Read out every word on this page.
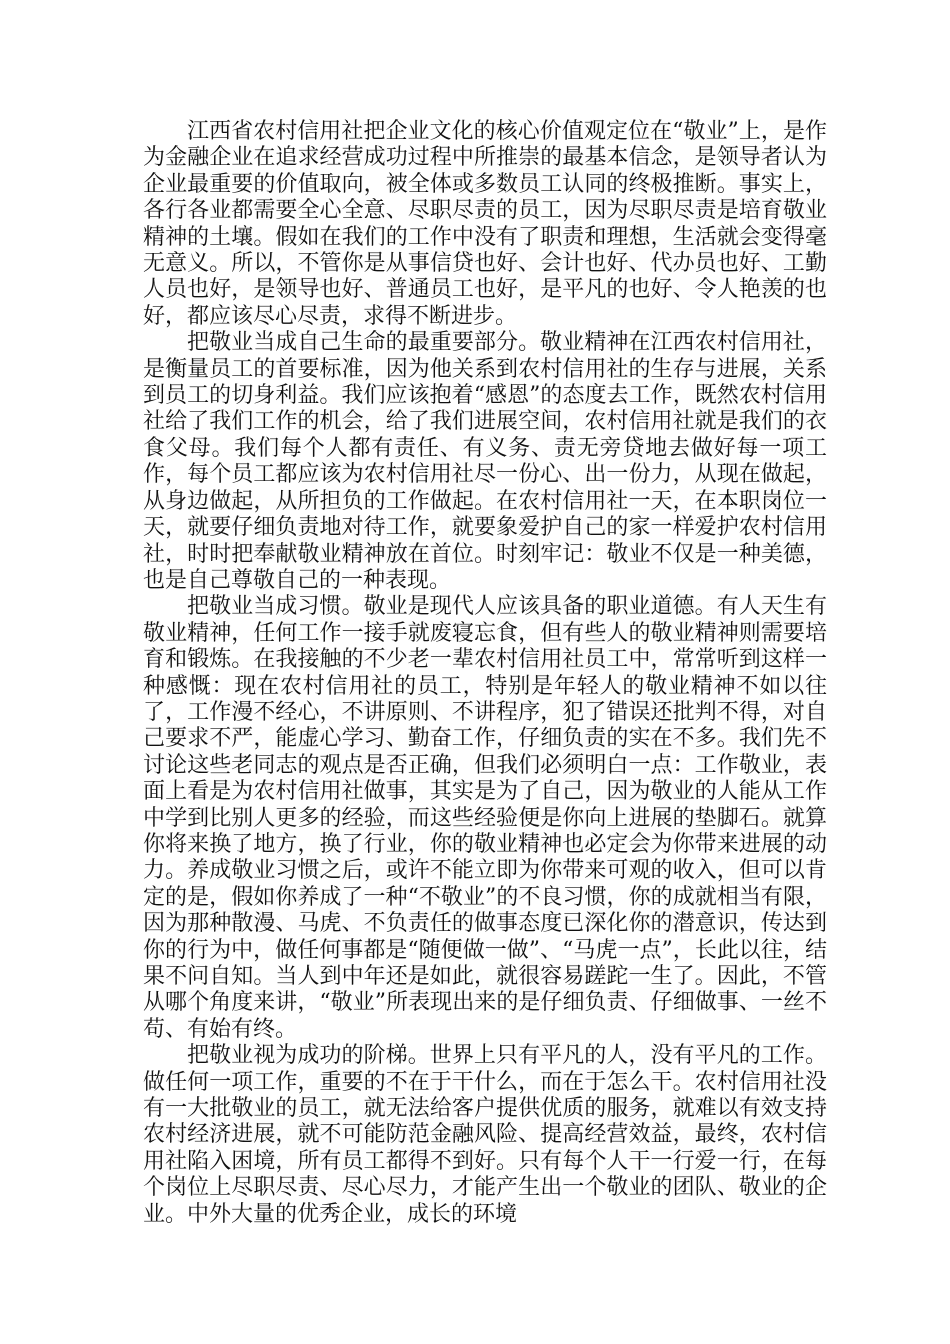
江西省农村信用社把企业文化的核心价值观定位在“敬业”上，是作为金融企业在追求经营成功过程中所推崇的最基本信念，是领导者认为企业最重要的价值取向，被全体或多数员工认同的终极推断。事实上，各行各业都需要全心全意、尽职尽责的员工，因为尽职尽责是培育敬业精神的土壤。假如在我们的工作中没有了职责和理想，生活就会变得毫无意义。所以，不管你是从事信贷也好、会计也好、代办员也好、工勤人员也好，是领导也好、普通员工也好，是平凡的也好、令人艳羡的也好，都应该尽心尽责，求得不断进步。

把敬业当成自己生命的最重要部分。敬业精神在江西农村信用社，是衡量员工的首要标准，因为他关系到农村信用社的生存与进展，关系到员工的切身利益。我们应该抱着“感恩”的态度去工作，既然农村信用社给了我们工作的机会，给了我们进展空间，农村信用社就是我们的衣食父母。我们每个人都有责任、有义务、责无旁贷地去做好每一项工作，每个员工都应该为农村信用社尽一份心、出一份力，从现在做起，从身边做起，从所担负的工作做起。在农村信用社一天，在本职岗位一天，就要仔细负责地对待工作，就要象爱护自己的家一样爱护农村信用社，时时把奉献敬业精神放在首位。时刻牢记：敬业不仅是一种美德，也是自己尊敬自己的一种表现。

把敬业当成习惯。敬业是现代人应该具备的职业道德。有人天生有敬业精神，任何工作一接手就废寝忘食，但有些人的敬业精神则需要培育和锻炼。在我接触的不少老一辈农村信用社员工中，常常听到这样一种感慨：现在农村信用社的员工，特别是年轻人的敬业精神不如以往了，工作漫不经心，不讲原则、不讲程序，犯了错误还批判不得，对自己要求不严，能虚心学习、勤奋工作，仔细负责的实在不多。我们先不讨论这些老同志的观点是否正确，但我们必须明白一点：工作敬业，表面上看是为农村信用社做事，其实是为了自己，因为敬业的人能从工作中学到比别人更多的经验，而这些经验便是你向上进展的垫脚石。就算你将来换了地方，换了行业，你的敬业精神也必定会为你带来进展的动力。养成敬业习惯之后，或许不能立即为你带来可观的收入，但可以肯定的是，假如你养成了一种“不敬业”的不良习惯，你的成就相当有限，因为那种散漫、马虎、不负责任的做事态度已深化你的潜意识，传达到你的行为中，做任何事都是“随便做一做”、“马虎一点”，长此以往，结果不问自知。当人到中年还是如此，就很容易蹉跎一生了。因此，不管从哪个角度来讲，“敬业”所表现出来的是仔细负责、仔细做事、一丝不苟、有始有终。

把敬业视为成功的阶梯。世界上只有平凡的人，没有平凡的工作。做任何一项工作，重要的不在于干什么，而在于怎么干。农村信用社没有一大批敬业的员工，就无法给客户提供优质的服务，就难以有效支持农村经济进展，就不可能防范金融风险、提高经营效益，最终，农村信用社陷入困境，所有员工都得不到好。只有每个人干一行爱一行，在每个岗位上尽职尽责、尽心尽力，才能产生出一个敬业的团队、敬业的企业。中外大量的优秀企业，成长的环境
